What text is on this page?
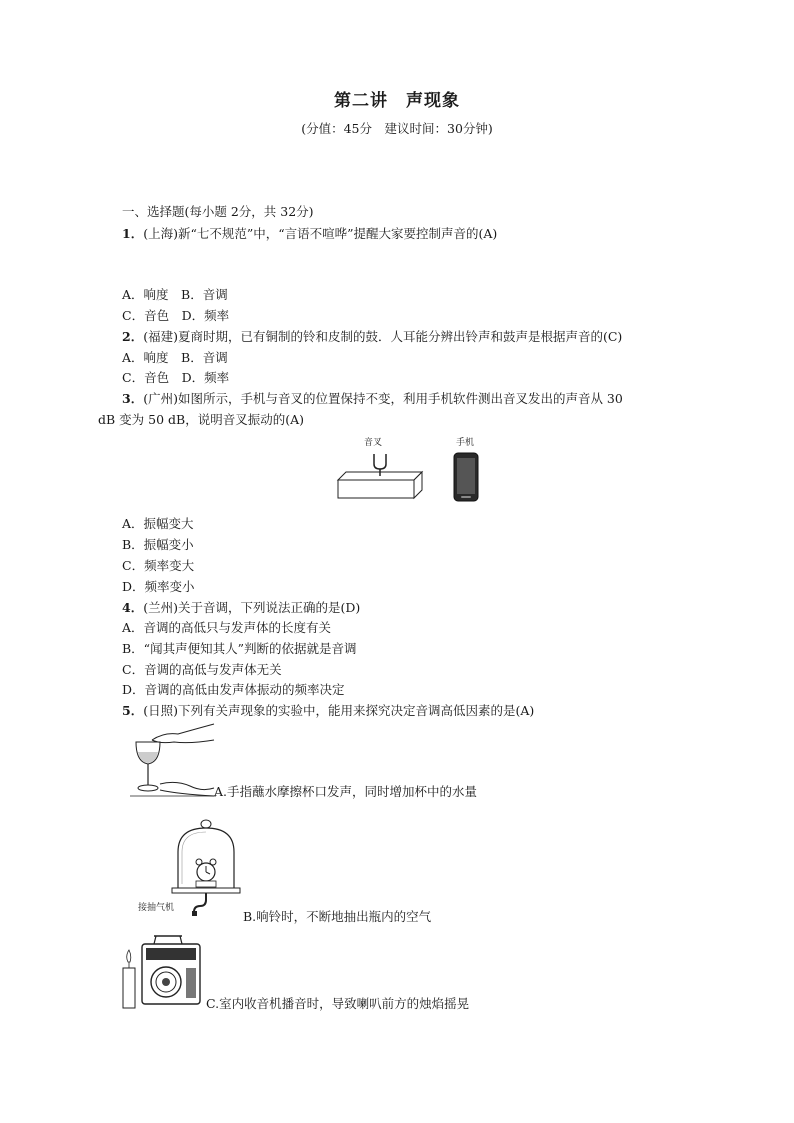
第二讲　声现象
(分值：45分　建议时间：30分钟)
一、选择题(每小题 2分，共 32分)
1．(上海)新“七不规范”中，“言语不喧哗”提醒大家要控制声音的(A)
A．响度　B．音调
C．音色　D．频率
2．(福建)夏商时期，已有铜制的铃和皮制的鼓．人耳能分辨出铃声和鼓声是根据声音的(C)
A．响度　B．音调
C．音色　D．频率
3．(广州)如图所示，手机与音叉的位置保持不变，利用手机软件测出音叉发出的声音从 30
dB 变为 50 dB，说明音叉振动的(A)
音叉	手机
A．振幅变大
B．振幅变小
C．频率变大
D．频率变小
4．(兰州)关于音调，下列说法正确的是(D)
A．音调的高低只与发声体的长度有关
B．“闻其声便知其人”判断的依据就是音调
C．音调的高低与发声体无关
D．音调的高低由发声体振动的频率决定
5．(日照)下列有关声现象的实验中，能用来探究决定音调高低因素的是(A)
A.手指蘸水摩擦杯口发声，同时增加杯中的水量
接抽气机
B.响铃时，不断地抽出瓶内的空气
C.室内收音机播音时，导致喇叭前方的烛焰摇晃
